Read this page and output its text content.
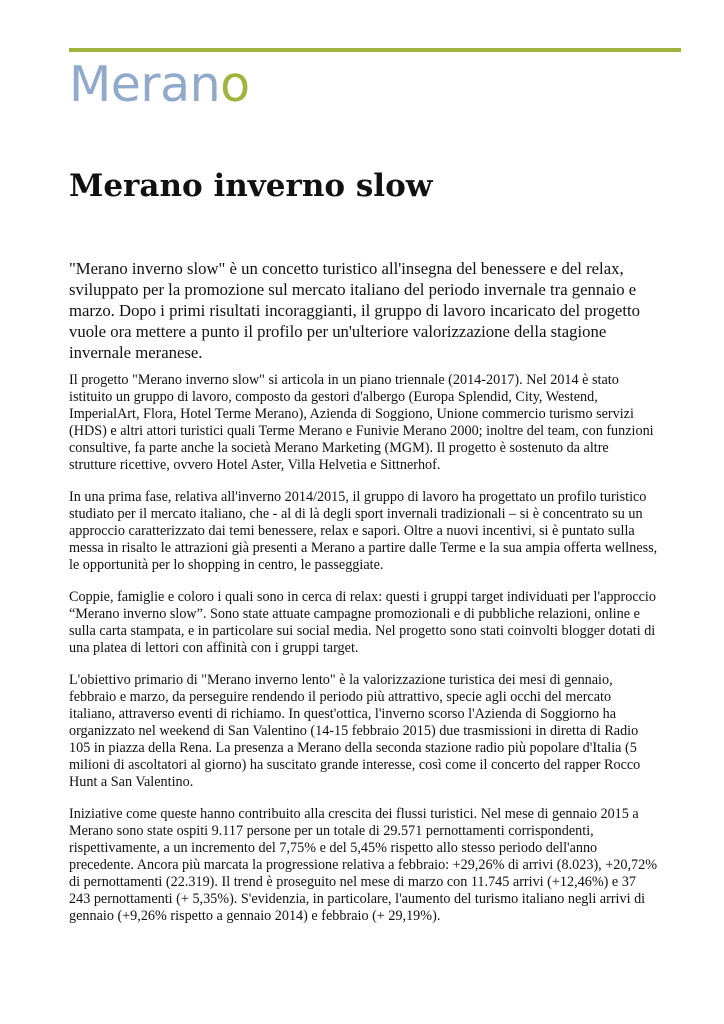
Merano
Merano inverno slow

"Merano inverno slow" è un concetto turistico all'insegna del benessere e del relax, sviluppato per la promozione sul mercato italiano del periodo invernale tra gennaio e marzo. Dopo i primi risultati incoraggianti, il gruppo di lavoro incaricato del progetto vuole ora mettere a punto il profilo per un'ulteriore valorizzazione della stagione invernale meranese.

Il progetto "Merano inverno slow" si articola in un piano triennale (2014-2017). Nel 2014 è stato istituito un gruppo di lavoro, composto da gestori d'albergo (Europa Splendid, City, Westend, ImperialArt, Flora, Hotel Terme Merano), Azienda di Soggiono, Unione commercio turismo servizi (HDS) e altri attori turistici quali Terme Merano e Funivie Merano 2000; inoltre del team, con funzioni consultive, fa parte anche la società Merano Marketing (MGM). Il progetto è sostenuto da altre strutture ricettive, ovvero Hotel Aster, Villa Helvetia e Sittnerhof.

In una prima fase, relativa all'inverno 2014/2015, il gruppo di lavoro ha progettato un profilo turistico studiato per il mercato italiano, che - al di là degli sport invernali tradizionali – si è concentrato su un approccio caratterizzato dai temi benessere, relax e sapori. Oltre a nuovi incentivi, si è puntato sulla messa in risalto le attrazioni già presenti a Merano a partire dalle Terme e la sua ampia offerta wellness, le opportunità per lo shopping in centro, le passeggiate.

Coppie, famiglie e coloro i quali sono in cerca di relax: questi i gruppi target individuati per l'approccio “Merano inverno slow”. Sono state attuate campagne promozionali e di pubbliche relazioni, online e sulla carta stampata, e in particolare sui social media. Nel progetto sono stati coinvolti blogger dotati di una platea di lettori con affinità con i gruppi target.

L'obiettivo primario di "Merano inverno lento" è la valorizzazione turistica dei mesi di gennaio, febbraio e marzo, da perseguire rendendo il periodo più attrattivo, specie agli occhi del mercato italiano, attraverso eventi di richiamo. In quest'ottica, l'inverno scorso l'Azienda di Soggiorno ha organizzato nel weekend di San Valentino (14-15 febbraio 2015) due trasmissioni in diretta di Radio 105 in piazza della Rena. La presenza a Merano della seconda stazione radio più popolare d'Italia (5 milioni di ascoltatori al giorno) ha suscitato grande interesse, così come il concerto del rapper Rocco Hunt a San Valentino.

Iniziative come queste hanno contribuito alla crescita dei flussi turistici. Nel mese di gennaio 2015 a Merano sono state ospiti 9.117 persone per un totale di 29.571 pernottamenti corrispondenti, rispettivamente, a un incremento del 7,75% e del 5,45% rispetto allo stesso periodo dell'anno precedente. Ancora più marcata la progressione relativa a febbraio: +29,26% di arrivi (8.023), +20,72% di pernottamenti (22.319). Il trend è proseguito nel mese di marzo con 11.745 arrivi (+12,46%) e 37 243 pernottamenti (+ 5,35%). S'evidenzia, in particolare, l'aumento del turismo italiano negli arrivi di gennaio (+9,26% rispetto a gennaio 2014) e febbraio (+ 29,19%).
